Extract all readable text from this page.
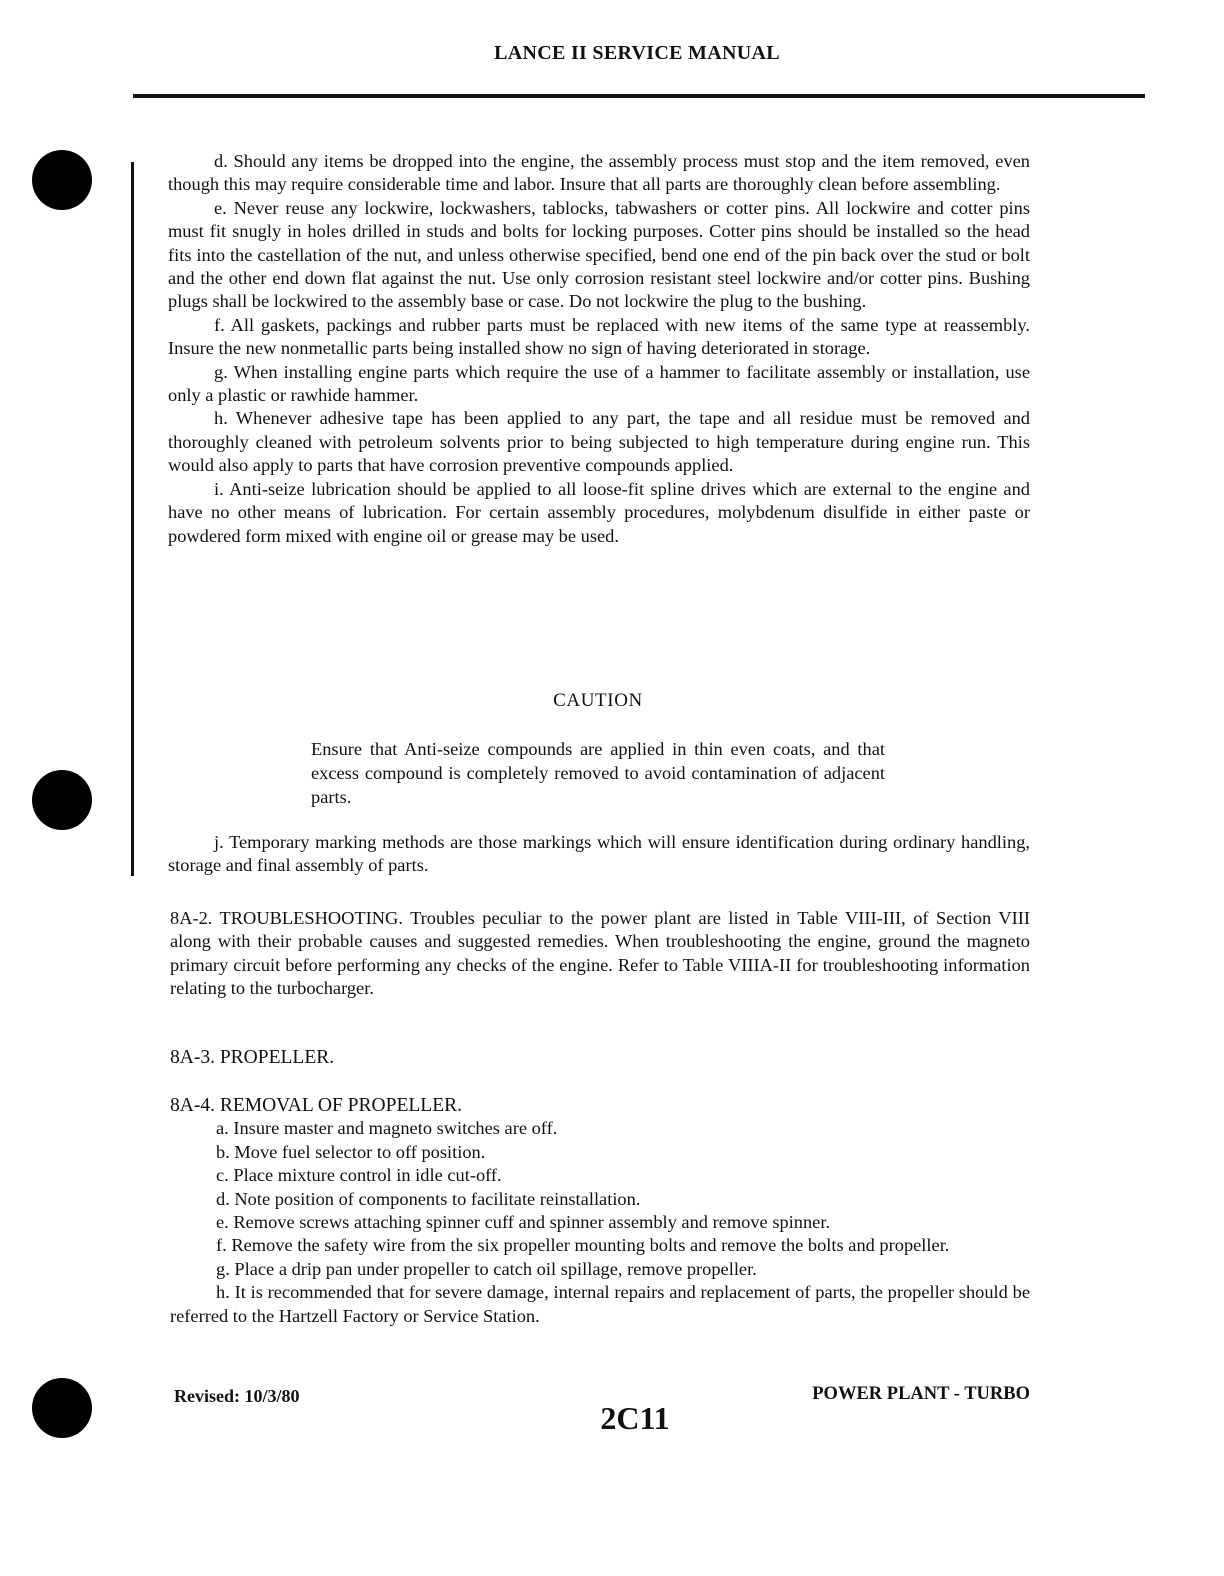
LANCE II SERVICE MANUAL

d. Should any items be dropped into the engine, the assembly process must stop and the item removed, even though this may require considerable time and labor. Insure that all parts are thoroughly clean before assembling.

e. Never reuse any lockwire, lockwashers, tablocks, tabwashers or cotter pins. All lockwire and cotter pins must fit snugly in holes drilled in studs and bolts for locking purposes. Cotter pins should be installed so the head fits into the castellation of the nut, and unless otherwise specified, bend one end of the pin back over the stud or bolt and the other end down flat against the nut. Use only corrosion resistant steel lockwire and/or cotter pins. Bushing plugs shall be lockwired to the assembly base or case. Do not lockwire the plug to the bushing.

f. All gaskets, packings and rubber parts must be replaced with new items of the same type at reassembly. Insure the new nonmetallic parts being installed show no sign of having deteriorated in storage.

g. When installing engine parts which require the use of a hammer to facilitate assembly or installation, use only a plastic or rawhide hammer.

h. Whenever adhesive tape has been applied to any part, the tape and all residue must be removed and thoroughly cleaned with petroleum solvents prior to being subjected to high temperature during engine run. This would also apply to parts that have corrosion preventive compounds applied.

i. Anti-seize lubrication should be applied to all loose-fit spline drives which are external to the engine and have no other means of lubrication. For certain assembly procedures, molybdenum disulfide in either paste or powdered form mixed with engine oil or grease may be used.

CAUTION
Ensure that Anti-seize compounds are applied in thin even coats, and that excess compound is completely removed to avoid contamination of adjacent parts.

j. Temporary marking methods are those markings which will ensure identification during ordinary handling, storage and final assembly of parts.

8A-2. TROUBLESHOOTING. Troubles peculiar to the power plant are listed in Table VIII-III, of Section VIII along with their probable causes and suggested remedies. When troubleshooting the engine, ground the magneto primary circuit before performing any checks of the engine. Refer to Table VIIIA-II for troubleshooting information relating to the turbocharger.

8A-3. PROPELLER.

8A-4. REMOVAL OF PROPELLER.

a. Insure master and magneto switches are off.

b. Move fuel selector to off position.

c. Place mixture control in idle cut-off.

d. Note position of components to facilitate reinstallation.

e. Remove screws attaching spinner cuff and spinner assembly and remove spinner.

f. Remove the safety wire from the six propeller mounting bolts and remove the bolts and propeller.

g. Place a drip pan under propeller to catch oil spillage, remove propeller.

h. It is recommended that for severe damage, internal repairs and replacement of parts, the propeller should be referred to the Hartzell Factory or Service Station.

Revised: 10/3/80	POWER PLANT - TURBO
2C11
